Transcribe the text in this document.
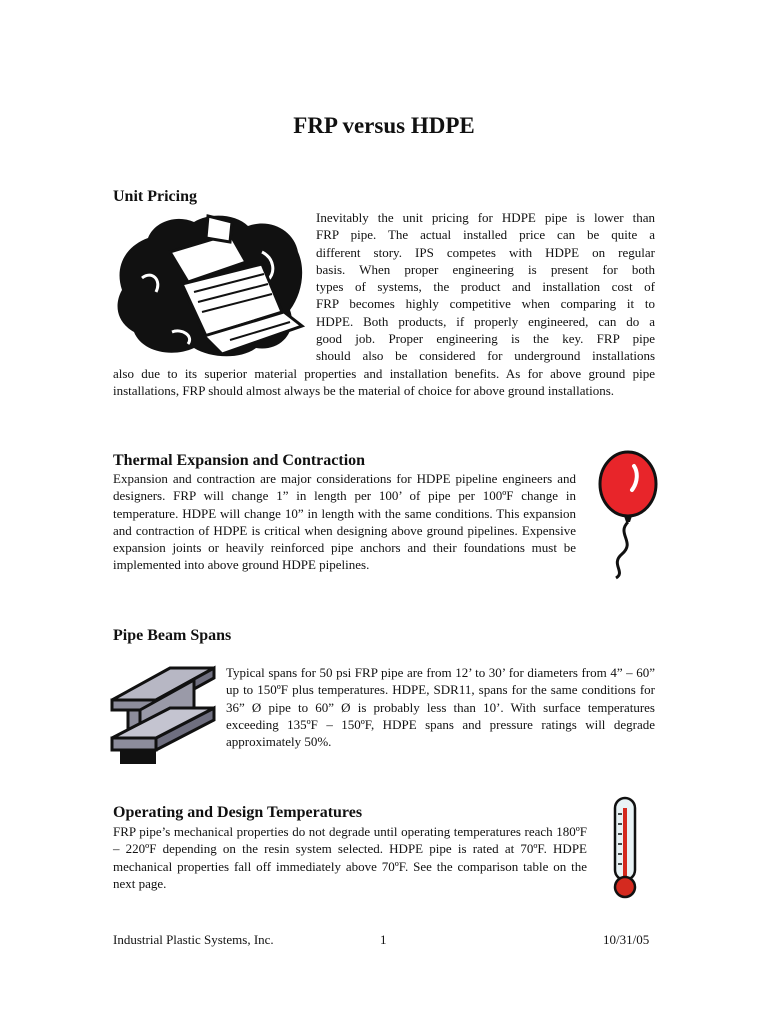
FRP versus HDPE
Unit Pricing

Inevitably the unit pricing for HDPE pipe is lower than

FRP pipe. The actual installed price can be quite a

different story. IPS competes with HDPE on regular

basis. When proper engineering is present for both

types of systems, the product and installation cost of

FRP becomes highly competitive when comparing it to

HDPE. Both products, if properly engineered, can do a

good job. Proper engineering is the key. FRP pipe

should also be considered for underground installations

also due to its superior material properties and installation benefits. As for above ground pipe installations, FRP should almost always be the material of choice for above ground installations.

Thermal Expansion and Contraction

Expansion and contraction are major considerations for HDPE pipeline engineers and designers. FRP will change 1” in length per 100’ of pipe per 100ºF change in temperature. HDPE will change 10” in length with the same conditions. This expansion and contraction of HDPE is critical when designing above ground pipelines. Expensive expansion joints or heavily reinforced pipe anchors and their foundations must be implemented into above ground HDPE pipelines.

Pipe Beam Spans

Typical spans for 50 psi FRP pipe are from 12’ to 30’ for diameters from 4” – 60” up to 150ºF plus temperatures. HDPE, SDR11, spans for the same conditions for 36” Ø pipe to 60” Ø is probably less than 10’. With surface temperatures exceeding 135ºF – 150ºF, HDPE spans and pressure ratings will degrade approximately 50%.

Operating and Design Temperatures

FRP pipe’s mechanical properties do not degrade until operating temperatures reach 180ºF – 220ºF depending on the resin system selected. HDPE pipe is rated at 70ºF. HDPE mechanical properties fall off immediately above 70ºF. See the comparison table on the next page.

Industrial Plastic Systems, Inc.	1	10/31/05
